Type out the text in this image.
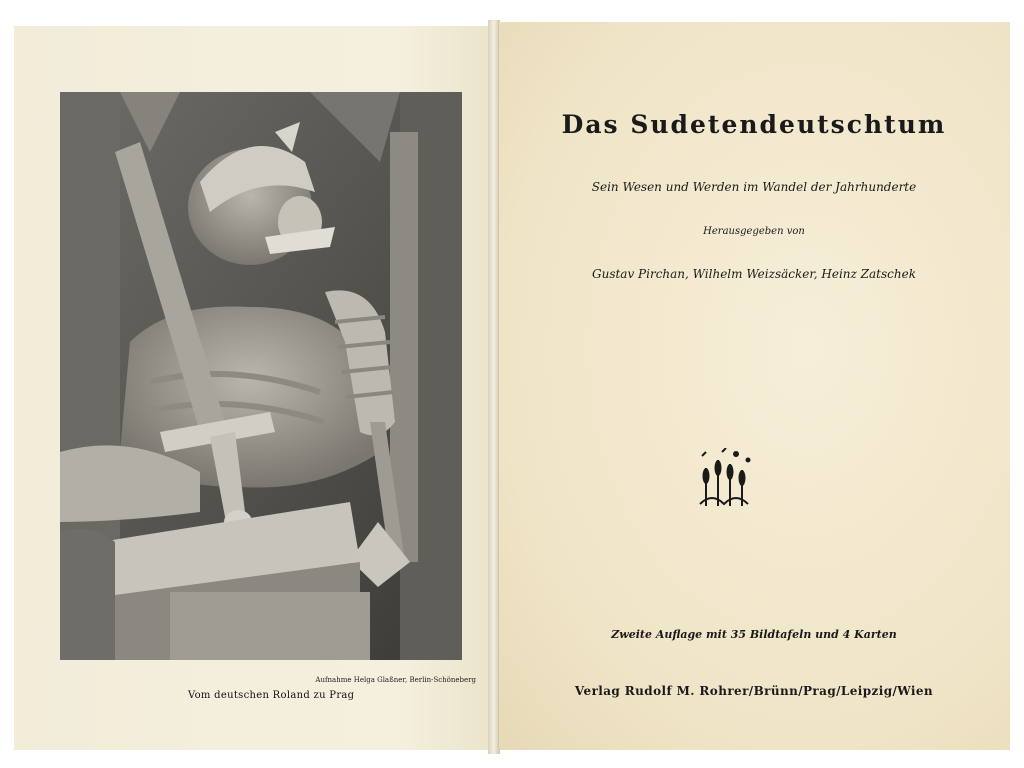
Aufnahme Helga Glaßner, Berlin-Schöneberg
Vom deutschen Roland zu Prag
Das Sudetendeutschtum
Sein Wesen und Werden im Wandel der Jahrhunderte
Herausgegeben von
Gustav Pirchan, Wilhelm Weizsäcker, Heinz Zatschek
Zweite Auflage mit 35 Bildtafeln und 4 Karten
Verlag Rudolf M. Rohrer/Brünn/Prag/Leipzig/Wien
